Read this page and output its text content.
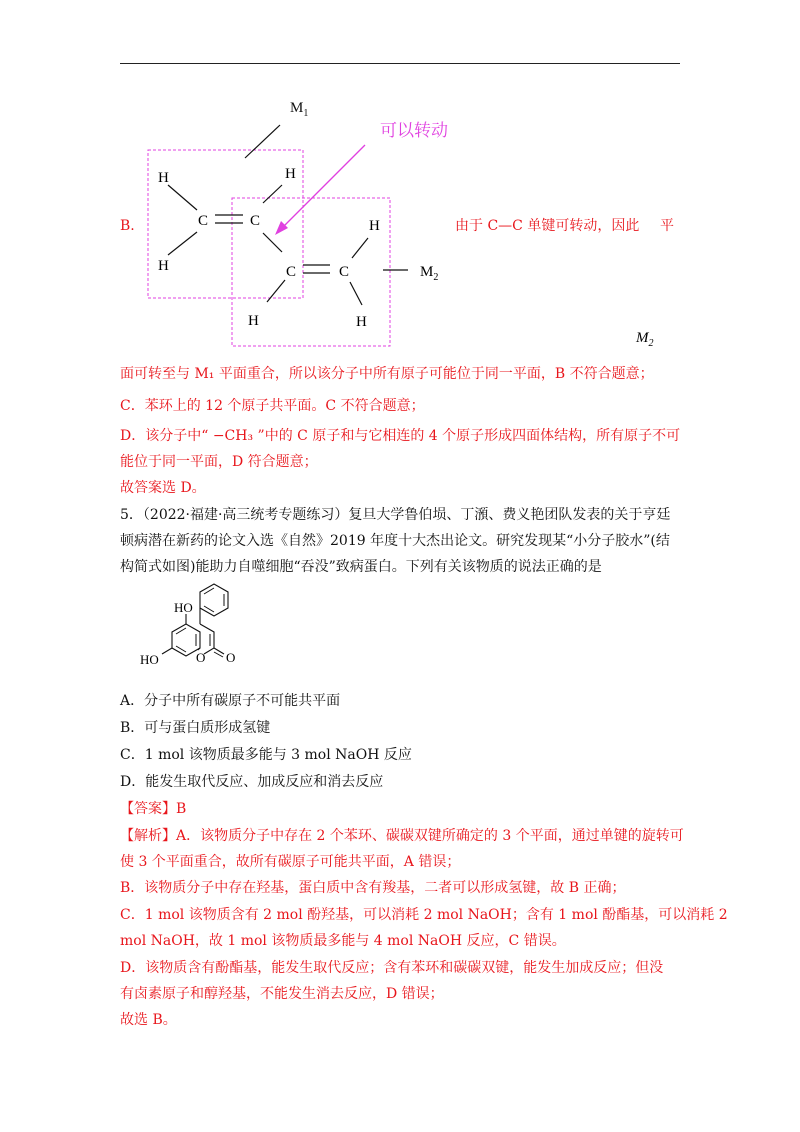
$M_1$
可以转动
H
H
C	C
H
C	C
H
H	H
$M_2$
$M_2$
B.	由于 C—C 单键可转动，因此 平
面可转至与 M₁ 平面重合，所以该分子中所有原子可能位于同一平面，B 不符合题意；
C．苯环上的 12 个原子共平面。C 不符合题意；
D．该分子中“ −CH₃ ”中的 C 原子和与它相连的 4 个原子形成四面体结构，所有原子不可
能位于同一平面，D 符合题意；
故答案选 D。
5．（2022·福建·高三统考专题练习）复旦大学鲁伯埙、丁澦、费义艳团队发表的关于亨廷
顿病潜在新药的论文入选《自然》2019 年度十大杰出论文。研究发现某“小分子胶水”(结
构简式如图)能助力自噬细胞“吞没”致病蛋白。下列有关该物质的说法正确的是
HO
HO	O O
A．分子中所有碳原子不可能共平面
B．可与蛋白质形成氢键
C．1 mol 该物质最多能与 3 mol NaOH 反应
D．能发生取代反应、加成反应和消去反应
【答案】B
【解析】A．该物质分子中存在 2 个苯环、碳碳双键所确定的 3 个平面，通过单键的旋转可
使 3 个平面重合，故所有碳原子可能共平面，A 错误；
B．该物质分子中存在羟基，蛋白质中含有羧基，二者可以形成氢键，故 B 正确；
C．1 mol 该物质含有 2 mol 酚羟基，可以消耗 2 mol NaOH；含有 1 mol 酚酯基，可以消耗 2
mol NaOH，故 1 mol 该物质最多能与 4 mol NaOH 反应，C 错误。
D．该物质含有酚酯基，能发生取代反应；含有苯环和碳碳双键，能发生加成反应；但没
有卤素原子和醇羟基，不能发生消去反应，D 错误；
故选 B。
